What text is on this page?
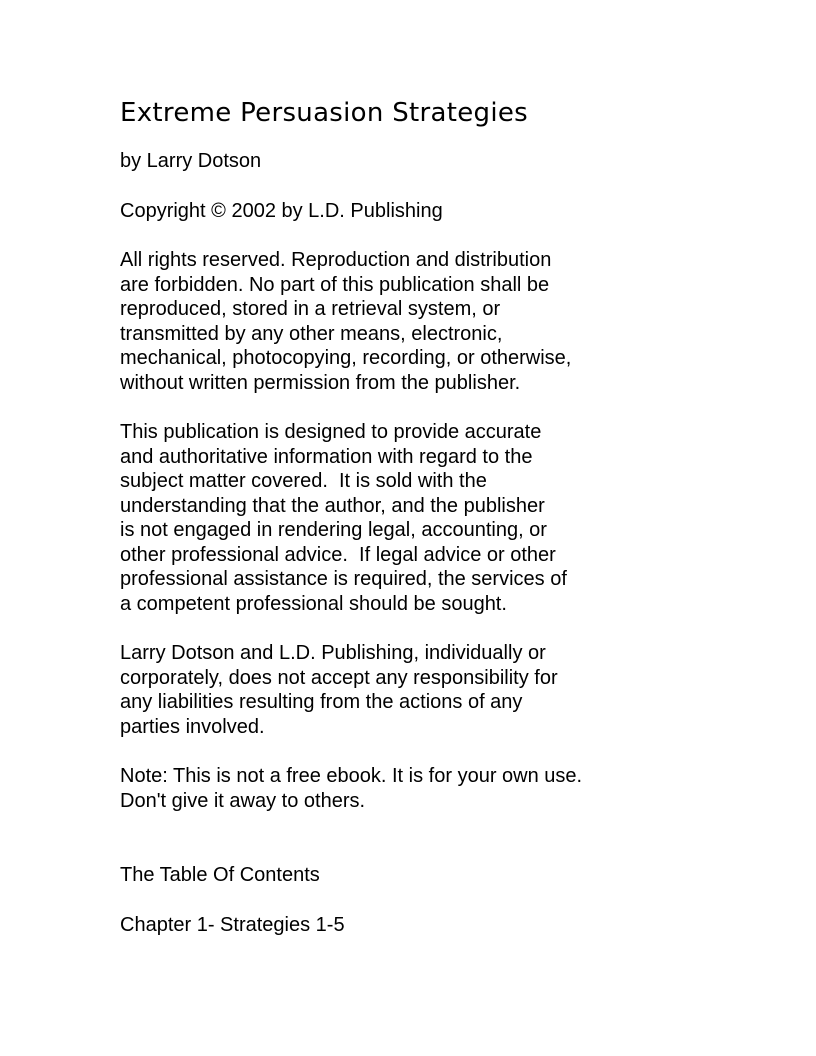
Extreme Persuasion Strategies

by Larry Dotson

Copyright © 2002 by L.D. Publishing

All rights reserved. Reproduction and distribution
are forbidden. No part of this publication shall be
reproduced, stored in a retrieval system, or
transmitted by any other means, electronic,
mechanical, photocopying, recording, or otherwise,
without written permission from the publisher.

This publication is designed to provide accurate
and authoritative information with regard to the
subject matter covered.  It is sold with the
understanding that the author, and the publisher
is not engaged in rendering legal, accounting, or
other professional advice.  If legal advice or other
professional assistance is required, the services of
a competent professional should be sought.

Larry Dotson and L.D. Publishing, individually or
corporately, does not accept any responsibility for
any liabilities resulting from the actions of any
parties involved.

Note: This is not a free ebook. It is for your own use.
Don't give it away to others.

The Table Of Contents

Chapter 1- Strategies 1-5
